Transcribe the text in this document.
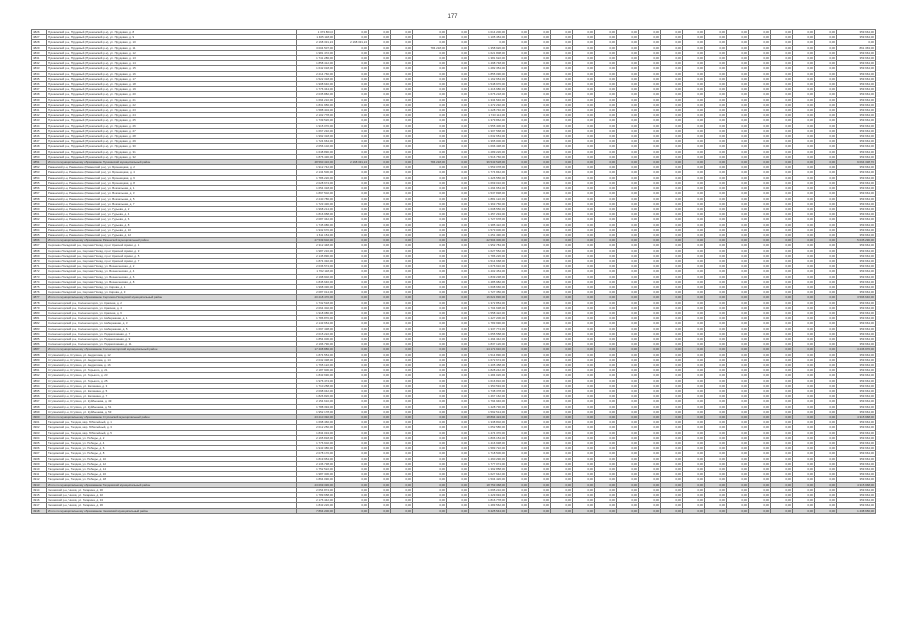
177
4826	Пушкинский р-н, Прудовый (Пушкинский р-н), ул. Прудовая, д. 8	1 373 864,0	0,00	0,00	0,00	0,00	0,00	1 014 200,00	0,00	0,00	0,00	0,00	0,00	0,00	0,00	0,00	0,00	0,00	0,00	0,00	0,00	0,00	0,00	359 664,00
4827	Пушкинский р-н, Прудовый (Пушкинский р-н), ул. Прудовая, д. 9	1 465 118,00	0,00	0,00	0,00	0,00	0,00	1 105 454,00	0,00	0,00	0,00	0,00	0,00	0,00	0,00	0,00	0,00	0,00	0,00	0,00	0,00	0,00	0,00	359 664,00
4828	Пушкинский р-н, Прудовый (Пушкинский р-н), ул. Прудовая, д. 10	2 168 331,24	2 168 331,24	0,00	0,00	0,00	0,00	0,00	0,00	0,00	0,00	0,00	0,00	0,00	0,00	0,00	0,00	0,00	0,00	0,00	0,00	0,00	0,00	0,00
4829	Пушкинский р-н, Прудовый (Пушкинский р-н), ул. Прудовая, д. 11	3 004 507,00	0,00	0,00	0,00	784 218,00	0,00	1 358 926,00	0,00	0,00	0,00	0,00	0,00	0,00	0,00	0,00	0,00	0,00	0,00	0,00	0,00	0,00	0,00	861 363,00
4830	Пушкинский р-н, Прудовый (Пушкинский р-н), ул. Прудовая, д. 12	1 981 472,00	0,00	0,00	0,00	0,00	0,00	1 621 808,00	0,00	0,00	0,00	0,00	0,00	0,00	0,00	0,00	0,00	0,00	0,00	0,00	0,00	0,00	0,00	359 664,00
4831	Пушкинский р-н, Прудовый (Пушкинский р-н), ул. Прудовая, д. 13	1 741 286,00	0,00	0,00	0,00	0,00	0,00	1 381 622,00	0,00	0,00	0,00	0,00	0,00	0,00	0,00	0,00	0,00	0,00	0,00	0,00	0,00	0,00	0,00	359 664,00
4832	Пушкинский р-н, Прудовый (Пушкинский р-н), ул. Прудовая, д. 14	1 858 412,00	0,00	0,00	0,00	0,00	0,00	1 498 748,00	0,00	0,00	0,00	0,00	0,00	0,00	0,00	0,00	0,00	0,00	0,00	0,00	0,00	0,00	0,00	359 664,00
4833	Пушкинский р-н, Прудовый (Пушкинский р-н), ул. Прудовая, д. 15	1 642 018,00	0,00	0,00	0,00	0,00	0,00	1 282 354,00	0,00	0,00	0,00	0,00	0,00	0,00	0,00	0,00	0,00	0,00	0,00	0,00	0,00	0,00	0,00	359 664,00
4834	Пушкинский р-н, Прудовый (Пушкинский р-н), ул. Прудовая, д. 16	2 214 760,00	0,00	0,00	0,00	0,00	0,00	1 855 096,00	0,00	0,00	0,00	0,00	0,00	0,00	0,00	0,00	0,00	0,00	0,00	0,00	0,00	0,00	0,00	359 664,00
4835	Пушкинский р-н, Прудовый (Пушкинский р-н), ул. Прудовая, д. 17	1 522 318,00	0,00	0,00	0,00	0,00	0,00	1 162 654,00	0,00	0,00	0,00	0,00	0,00	0,00	0,00	0,00	0,00	0,00	0,00	0,00	0,00	0,00	0,00	359 664,00
4836	Пушкинский р-н, Прудовый (Пушкинский р-н), ул. Прудовая, д. 18	1 908 640,00	0,00	0,00	0,00	0,00	0,00	1 548 976,00	0,00	0,00	0,00	0,00	0,00	0,00	0,00	0,00	0,00	0,00	0,00	0,00	0,00	0,00	0,00	359 664,00
4837	Пушкинский р-н, Прудовый (Пушкинский р-н), ул. Прудовая, д. 19	1 776 344,00	0,00	0,00	0,00	0,00	0,00	1 416 680,00	0,00	0,00	0,00	0,00	0,00	0,00	0,00	0,00	0,00	0,00	0,00	0,00	0,00	0,00	0,00	359 664,00
4838	Пушкинский р-н, Прудовый (Пушкинский р-н), ул. Прудовая, д. 20	2 035 882,00	0,00	0,00	0,00	0,00	0,00	1 676 218,00	0,00	0,00	0,00	0,00	0,00	0,00	0,00	0,00	0,00	0,00	0,00	0,00	0,00	0,00	0,00	359 664,00
4839	Пушкинский р-н, Прудовый (Пушкинский р-н), ул. Прудовая, д. 21	1 694 210,00	0,00	0,00	0,00	0,00	0,00	1 334 546,00	0,00	0,00	0,00	0,00	0,00	0,00	0,00	0,00	0,00	0,00	0,00	0,00	0,00	0,00	0,00	359 664,00
4840	Пушкинский р-н, Прудовый (Пушкинский р-н), ул. Прудовая, д. 22	1 831 956,00	0,00	0,00	0,00	0,00	0,00	1 472 292,00	0,00	0,00	0,00	0,00	0,00	0,00	0,00	0,00	0,00	0,00	0,00	0,00	0,00	0,00	0,00	359 664,00
4841	Пушкинский р-н, Прудовый (Пушкинский р-н), ул. Прудовая, д. 23	1 588 404,00	0,00	0,00	0,00	0,00	0,00	1 228 740,00	0,00	0,00	0,00	0,00	0,00	0,00	0,00	0,00	0,00	0,00	0,00	0,00	0,00	0,00	0,00	359 664,00
4842	Пушкинский р-н, Прудовый (Пушкинский р-н), ул. Прудовая, д. 24	2 102 778,00	0,00	0,00	0,00	0,00	0,00	1 743 114,00	0,00	0,00	0,00	0,00	0,00	0,00	0,00	0,00	0,00	0,00	0,00	0,00	0,00	0,00	0,00	359 664,00
4843	Пушкинский р-н, Прудовый (Пушкинский р-н), ул. Прудовая, д. 25	1 739 526,00	0,00	0,00	0,00	0,00	0,00	1 379 862,00	0,00	0,00	0,00	0,00	0,00	0,00	0,00	0,00	0,00	0,00	0,00	0,00	0,00	0,00	0,00	359 664,00
4844	Пушкинский р-н, Прудовый (Пушкинский р-н), ул. Прудовая, д. 26	1 915 070,00	0,00	0,00	0,00	0,00	0,00	1 555 406,00	0,00	0,00	0,00	0,00	0,00	0,00	0,00	0,00	0,00	0,00	0,00	0,00	0,00	0,00	0,00	359 664,00
4845	Пушкинский р-н, Прудовый (Пушкинский р-н), ул. Прудовая, д. 27	1 667 232,00	0,00	0,00	0,00	0,00	0,00	1 307 568,00	0,00	0,00	0,00	0,00	0,00	0,00	0,00	0,00	0,00	0,00	0,00	0,00	0,00	0,00	0,00	359 664,00
4846	Пушкинский р-н, Прудовый (Пушкинский р-н), ул. Прудовая, д. 28	1 992 318,00	0,00	0,00	0,00	0,00	0,00	1 632 654,00	0,00	0,00	0,00	0,00	0,00	0,00	0,00	0,00	0,00	0,00	0,00	0,00	0,00	0,00	0,00	359 664,00
4847	Пушкинский р-н, Прудовый (Пушкинский р-н), ул. Прудовая, д. 29	1 724 664,00	0,00	0,00	0,00	0,00	0,00	1 365 000,00	0,00	0,00	0,00	0,00	0,00	0,00	0,00	0,00	0,00	0,00	0,00	0,00	0,00	0,00	0,00	359 664,00
4848	Пушкинский р-н, Прудовый (Пушкинский р-н), ул. Прудовая, д. 30	2 056 102,00	0,00	0,00	0,00	0,00	0,00	1 696 438,00	0,00	0,00	0,00	0,00	0,00	0,00	0,00	0,00	0,00	0,00	0,00	0,00	0,00	0,00	0,00	359 664,00
4849	Пушкинский р-н, Прудовый (Пушкинский р-н), ул. Прудовая, д. 31	1 648 890,00	0,00	0,00	0,00	0,00	0,00	1 289 226,00	0,00	0,00	0,00	0,00	0,00	0,00	0,00	0,00	0,00	0,00	0,00	0,00	0,00	0,00	0,00	359 664,00
4850	Пушкинский р-н, Прудовый (Пушкинский р-н), ул. Прудовая, д. 32	1 876 430,00	0,00	0,00	0,00	0,00	0,00	1 516 766,00	0,00	0,00	0,00	0,00	0,00	0,00	0,00	0,00	0,00	0,00	0,00	0,00	0,00	0,00	0,00	359 664,00
4851	Итого по муниципальному образованию Пушкинский муниципальный район	48 560 416,00	2 168 331,24	0,00	0,00	784 218,00	0,00	36 543 528,00	0,00	0,00	0,00	0,00	0,00	0,00	0,00	0,00	0,00	0,00	0,00	0,00	0,00	0,00	0,00	9 064 338,76
4852	Раменский р-н, Раменское (Раменский р-н), ул. Бронницкая, д. 2	1 912 742,00	0,00	0,00	0,00	0,00	0,00	1 553 078,00	0,00	0,00	0,00	0,00	0,00	0,00	0,00	0,00	0,00	0,00	0,00	0,00	0,00	0,00	0,00	359 664,00
4853	Раменский р-н, Раменское (Раменский р-н), ул. Бронницкая, д. 4	2 134 506,00	0,00	0,00	0,00	0,00	0,00	1 774 842,00	0,00	0,00	0,00	0,00	0,00	0,00	0,00	0,00	0,00	0,00	0,00	0,00	0,00	0,00	0,00	359 664,00
4854	Раменский р-н, Раменское (Раменский р-н), ул. Бронницкая, д. 6	1 786 220,00	0,00	0,00	0,00	0,00	0,00	1 426 556,00	0,00	0,00	0,00	0,00	0,00	0,00	0,00	0,00	0,00	0,00	0,00	0,00	0,00	0,00	0,00	359 664,00
4855	Раменский р-н, Раменское (Раменский р-н), ул. Бронницкая, д. 8	2 028 674,00	0,00	0,00	0,00	0,00	0,00	1 669 010,00	0,00	0,00	0,00	0,00	0,00	0,00	0,00	0,00	0,00	0,00	0,00	0,00	0,00	0,00	0,00	359 664,00
4856	Раменский р-н, Раменское (Раменский р-н), ул. Вокзальная, д. 1	1 654 318,00	0,00	0,00	0,00	0,00	0,00	1 294 654,00	0,00	0,00	0,00	0,00	0,00	0,00	0,00	0,00	0,00	0,00	0,00	0,00	0,00	0,00	0,00	359 664,00
4857	Раменский р-н, Раменское (Раменский р-н), ул. Вокзальная, д. 3	1 897 502,00	0,00	0,00	0,00	0,00	0,00	1 537 838,00	0,00	0,00	0,00	0,00	0,00	0,00	0,00	0,00	0,00	0,00	0,00	0,00	0,00	0,00	0,00	359 664,00
4858	Раменский р-н, Раменское (Раменский р-н), ул. Вокзальная, д. 5	2 240 786,00	0,00	0,00	0,00	0,00	0,00	1 881 122,00	0,00	0,00	0,00	0,00	0,00	0,00	0,00	0,00	0,00	0,00	0,00	0,00	0,00	0,00	0,00	359 664,00
4859	Раменский р-н, Раменское (Раменский р-н), ул. Вокзальная, д. 7	1 723 430,00	0,00	0,00	0,00	0,00	0,00	1 363 766,00	0,00	0,00	0,00	0,00	0,00	0,00	0,00	0,00	0,00	0,00	0,00	0,00	0,00	0,00	0,00	359 664,00
4860	Раменский р-н, Раменское (Раменский р-н), ул. Гурьева, д. 2	1 968 214,00	0,00	0,00	0,00	0,00	0,00	1 608 550,00	0,00	0,00	0,00	0,00	0,00	0,00	0,00	0,00	0,00	0,00	0,00	0,00	0,00	0,00	0,00	359 664,00
4861	Раменский р-н, Раменское (Раменский р-н), ул. Гурьева, д. 4	1 816 958,00	0,00	0,00	0,00	0,00	0,00	1 457 294,00	0,00	0,00	0,00	0,00	0,00	0,00	0,00	0,00	0,00	0,00	0,00	0,00	0,00	0,00	0,00	359 664,00
4862	Раменский р-н, Раменское (Раменский р-н), ул. Гурьева, д. 6	2 087 342,00	0,00	0,00	0,00	0,00	0,00	1 727 678,00	0,00	0,00	0,00	0,00	0,00	0,00	0,00	0,00	0,00	0,00	0,00	0,00	0,00	0,00	0,00	359 664,00
4863	Раменский р-н, Раменское (Раменский р-н), ул. Гурьева, д. 8	1 745 086,00	0,00	0,00	0,00	0,00	0,00	1 385 422,00	0,00	0,00	0,00	0,00	0,00	0,00	0,00	0,00	0,00	0,00	0,00	0,00	0,00	0,00	0,00	359 664,00
4864	Раменский р-н, Раменское (Раменский р-н), ул. Гурьева, д. 10	1 932 670,00	0,00	0,00	0,00	0,00	0,00	1 573 006,00	0,00	0,00	0,00	0,00	0,00	0,00	0,00	0,00	0,00	0,00	0,00	0,00	0,00	0,00	0,00	359 664,00
4865	Раменский р-н, Раменское (Раменский р-н), ул. Гурьева, д. 12	1 611 154,00	0,00	0,00	0,00	0,00	0,00	1 251 490,00	0,00	0,00	0,00	0,00	0,00	0,00	0,00	0,00	0,00	0,00	0,00	0,00	0,00	0,00	0,00	359 664,00
4866	Итого по муниципальному образованию Раменский муниципальный район	27 539 602,00	0,00	0,00	0,00	0,00	0,00	22 504 306,00	0,00	0,00	0,00	0,00	0,00	0,00	0,00	0,00	0,00	0,00	0,00	0,00	0,00	0,00	0,00	5 035 296,00
4867	Сергиево-Посадский р-н, Сергиев Посад, пр-кт Красной Армии, д. 1	2 312 448,00	0,00	0,00	0,00	0,00	0,00	1 952 784,00	0,00	0,00	0,00	0,00	0,00	0,00	0,00	0,00	0,00	0,00	0,00	0,00	0,00	0,00	0,00	359 664,00
4868	Сергиево-Посадский р-н, Сергиев Посад, пр-кт Красной Армии, д. 3	1 987 216,00	0,00	0,00	0,00	0,00	0,00	1 627 552,00	0,00	0,00	0,00	0,00	0,00	0,00	0,00	0,00	0,00	0,00	0,00	0,00	0,00	0,00	0,00	359 664,00
4869	Сергиево-Посадский р-н, Сергиев Посад, пр-кт Красной Армии, д. 5	2 145 890,00	0,00	0,00	0,00	0,00	0,00	1 786 226,00	0,00	0,00	0,00	0,00	0,00	0,00	0,00	0,00	0,00	0,00	0,00	0,00	0,00	0,00	0,00	359 664,00
4870	Сергиево-Посадский р-н, Сергиев Посад, пр-кт Красной Армии, д. 7	1 874 332,00	0,00	0,00	0,00	0,00	0,00	1 514 668,00	0,00	0,00	0,00	0,00	0,00	0,00	0,00	0,00	0,00	0,00	0,00	0,00	0,00	0,00	0,00	359 664,00
4871	Сергиево-Посадский р-н, Сергиев Посад, ул. Вознесенская, д. 2	2 036 574,00	0,00	0,00	0,00	0,00	0,00	1 676 910,00	0,00	0,00	0,00	0,00	0,00	0,00	0,00	0,00	0,00	0,00	0,00	0,00	0,00	0,00	0,00	359 664,00
4872	Сергиево-Посадский р-н, Сергиев Посад, ул. Вознесенская, д. 4	1 762 118,00	0,00	0,00	0,00	0,00	0,00	1 402 454,00	0,00	0,00	0,00	0,00	0,00	0,00	0,00	0,00	0,00	0,00	0,00	0,00	0,00	0,00	0,00	359 664,00
4873	Сергиево-Посадский р-н, Сергиев Посад, ул. Вознесенская, д. 6	2 198 902,00	0,00	0,00	0,00	0,00	0,00	1 839 238,00	0,00	0,00	0,00	0,00	0,00	0,00	0,00	0,00	0,00	0,00	0,00	0,00	0,00	0,00	0,00	359 664,00
4874	Сергиево-Посадский р-н, Сергиев Посад, ул. Вознесенская, д. 8	1 845 646,00	0,00	0,00	0,00	0,00	0,00	1 485 982,00	0,00	0,00	0,00	0,00	0,00	0,00	0,00	0,00	0,00	0,00	0,00	0,00	0,00	0,00	0,00	359 664,00
4875	Сергиево-Посадский р-н, Сергиев Посад, ул. Кирова, д. 1	1 968 330,00	0,00	0,00	0,00	0,00	0,00	1 608 666,00	0,00	0,00	0,00	0,00	0,00	0,00	0,00	0,00	0,00	0,00	0,00	0,00	0,00	0,00	0,00	359 664,00
4876	Сергиево-Посадский р-н, Сергиев Посад, ул. Кирова, д. 3	2 087 014,00	0,00	0,00	0,00	0,00	0,00	1 727 350,00	0,00	0,00	0,00	0,00	0,00	0,00	0,00	0,00	0,00	0,00	0,00	0,00	0,00	0,00	0,00	359 664,00
4877	Итого по муниципальному образованию Сергиево-Посадский муниципальный район	20 218 470,00	0,00	0,00	0,00	0,00	0,00	16 621 830,00	0,00	0,00	0,00	0,00	0,00	0,00	0,00	0,00	0,00	0,00	0,00	0,00	0,00	0,00	0,00	3 596 640,00
4878	Солнечногорский р-н, Солнечногорск, ул. Красная, д. 2	1 732 518,00	0,00	0,00	0,00	0,00	0,00	1 372 854,00	0,00	0,00	0,00	0,00	0,00	0,00	0,00	0,00	0,00	0,00	0,00	0,00	0,00	0,00	0,00	359 664,00
4879	Солнечногорский р-н, Солнечногорск, ул. Красная, д. 4	2 064 302,00	0,00	0,00	0,00	0,00	0,00	1 704 638,00	0,00	0,00	0,00	0,00	0,00	0,00	0,00	0,00	0,00	0,00	0,00	0,00	0,00	0,00	0,00	359 664,00
4880	Солнечногорский р-н, Солнечногорск, ул. Красная, д. 6	1 918 086,00	0,00	0,00	0,00	0,00	0,00	1 558 422,00	0,00	0,00	0,00	0,00	0,00	0,00	0,00	0,00	0,00	0,00	0,00	0,00	0,00	0,00	0,00	359 664,00
4881	Солнечногорский р-н, Солнечногорск, ул. Набережная, д. 1	1 786 870,00	0,00	0,00	0,00	0,00	0,00	1 427 206,00	0,00	0,00	0,00	0,00	0,00	0,00	0,00	0,00	0,00	0,00	0,00	0,00	0,00	0,00	0,00	359 664,00
4882	Солнечногорский р-н, Солнечногорск, ул. Набережная, д. 3	2 143 654,00	0,00	0,00	0,00	0,00	0,00	1 783 990,00	0,00	0,00	0,00	0,00	0,00	0,00	0,00	0,00	0,00	0,00	0,00	0,00	0,00	0,00	0,00	359 664,00
4883	Солнечногорский р-н, Солнечногорск, ул. Набережная, д. 5	1 697 438,00	0,00	0,00	0,00	0,00	0,00	1 337 774,00	0,00	0,00	0,00	0,00	0,00	0,00	0,00	0,00	0,00	0,00	0,00	0,00	0,00	0,00	0,00	359 664,00
4884	Солнечногорский р-н, Солнечногорск, ул. Подмосковная, д. 7	2 015 222,00	0,00	0,00	0,00	0,00	0,00	1 655 558,00	0,00	0,00	0,00	0,00	0,00	0,00	0,00	0,00	0,00	0,00	0,00	0,00	0,00	0,00	0,00	359 664,00
4885	Солнечногорский р-н, Солнечногорск, ул. Подмосковная, д. 9	1 854 006,00	0,00	0,00	0,00	0,00	0,00	1 494 342,00	0,00	0,00	0,00	0,00	0,00	0,00	0,00	0,00	0,00	0,00	0,00	0,00	0,00	0,00	0,00	359 664,00
4886	Солнечногорский р-н, Солнечногорск, ул. Подмосковная, д. 11	2 196 790,00	0,00	0,00	0,00	0,00	0,00	1 837 126,00	0,00	0,00	0,00	0,00	0,00	0,00	0,00	0,00	0,00	0,00	0,00	0,00	0,00	0,00	0,00	359 664,00
4887	Итого по муниципальному образованию Солнечногорский муниципальный район	17 408 886,00	0,00	0,00	0,00	0,00	0,00	14 171 910,00	0,00	0,00	0,00	0,00	0,00	0,00	0,00	0,00	0,00	0,00	0,00	0,00	0,00	0,00	0,00	3 236 976,00
4888	Ступинский р-н, Ступино, ул. Андропова, д. 12	1 874 554,00	0,00	0,00	0,00	0,00	0,00	1 514 890,00	0,00	0,00	0,00	0,00	0,00	0,00	0,00	0,00	0,00	0,00	0,00	0,00	0,00	0,00	0,00	359 664,00
4889	Ступинский р-н, Ступино, ул. Андропова, д. 14	2 032 338,00	0,00	0,00	0,00	0,00	0,00	1 672 674,00	0,00	0,00	0,00	0,00	0,00	0,00	0,00	0,00	0,00	0,00	0,00	0,00	0,00	0,00	0,00	359 664,00
4890	Ступинский р-н, Ступино, ул. Андропова, д. 16	1 765 122,00	0,00	0,00	0,00	0,00	0,00	1 405 458,00	0,00	0,00	0,00	0,00	0,00	0,00	0,00	0,00	0,00	0,00	0,00	0,00	0,00	0,00	0,00	359 664,00
4891	Ступинский р-н, Ступино, ул. Горького, д. 21	2 187 906,00	0,00	0,00	0,00	0,00	0,00	1 828 242,00	0,00	0,00	0,00	0,00	0,00	0,00	0,00	0,00	0,00	0,00	0,00	0,00	0,00	0,00	0,00	359 664,00
4892	Ступинский р-н, Ступино, ул. Горького, д. 23	1 843 690,00	0,00	0,00	0,00	0,00	0,00	1 484 026,00	0,00	0,00	0,00	0,00	0,00	0,00	0,00	0,00	0,00	0,00	0,00	0,00	0,00	0,00	0,00	359 664,00
4893	Ступинский р-н, Ступино, ул. Горького, д. 25	1 976 474,00	0,00	0,00	0,00	0,00	0,00	1 616 810,00	0,00	0,00	0,00	0,00	0,00	0,00	0,00	0,00	0,00	0,00	0,00	0,00	0,00	0,00	0,00	359 664,00
4894	Ступинский р-н, Ступино, ул. Калинина, д. 3	1 710 258,00	0,00	0,00	0,00	0,00	0,00	1 350 594,00	0,00	0,00	0,00	0,00	0,00	0,00	0,00	0,00	0,00	0,00	0,00	0,00	0,00	0,00	0,00	359 664,00
4895	Ступинский р-н, Ступино, ул. Калинина, д. 5	2 098 042,00	0,00	0,00	0,00	0,00	0,00	1 738 378,00	0,00	0,00	0,00	0,00	0,00	0,00	0,00	0,00	0,00	0,00	0,00	0,00	0,00	0,00	0,00	359 664,00
4896	Ступинский р-н, Ступино, ул. Калинина, д. 7	1 826 826,00	0,00	0,00	0,00	0,00	0,00	1 467 162,00	0,00	0,00	0,00	0,00	0,00	0,00	0,00	0,00	0,00	0,00	0,00	0,00	0,00	0,00	0,00	359 664,00
4897	Ступинский р-н, Ступино, ул. Куйбышева, д. 49	2 154 610,00	0,00	0,00	0,00	0,00	0,00	1 794 946,00	0,00	0,00	0,00	0,00	0,00	0,00	0,00	0,00	0,00	0,00	0,00	0,00	0,00	0,00	0,00	359 664,00
4898	Ступинский р-н, Ступино, ул. Куйбышева, д. 51	1 788 394,00	0,00	0,00	0,00	0,00	0,00	1 428 730,00	0,00	0,00	0,00	0,00	0,00	0,00	0,00	0,00	0,00	0,00	0,00	0,00	0,00	0,00	0,00	359 664,00
4899	Ступинский р-н, Ступино, ул. Куйбышева, д. 53	1 952 178,00	0,00	0,00	0,00	0,00	0,00	1 592 514,00	0,00	0,00	0,00	0,00	0,00	0,00	0,00	0,00	0,00	0,00	0,00	0,00	0,00	0,00	0,00	359 664,00
4900	Итого по муниципальному образованию Ступинский муниципальный район	23 210 392,00	0,00	0,00	0,00	0,00	0,00	18 894 424,00	0,00	0,00	0,00	0,00	0,00	0,00	0,00	0,00	0,00	0,00	0,00	0,00	0,00	0,00	0,00	4 315 968,00
4901	Талдомский р-н, Талдом, мкр. Юбилейный, д. 1	1 698 466,00	0,00	0,00	0,00	0,00	0,00	1 338 802,00	0,00	0,00	0,00	0,00	0,00	0,00	0,00	0,00	0,00	0,00	0,00	0,00	0,00	0,00	0,00	359 664,00
4902	Талдомский р-н, Талдом, мкр. Юбилейный, д. 3	2 012 250,00	0,00	0,00	0,00	0,00	0,00	1 652 586,00	0,00	0,00	0,00	0,00	0,00	0,00	0,00	0,00	0,00	0,00	0,00	0,00	0,00	0,00	0,00	359 664,00
4903	Талдомский р-н, Талдом, мкр. Юбилейный, д. 5	1 834 034,00	0,00	0,00	0,00	0,00	0,00	1 474 370,00	0,00	0,00	0,00	0,00	0,00	0,00	0,00	0,00	0,00	0,00	0,00	0,00	0,00	0,00	0,00	359 664,00
4904	Талдомский р-н, Талдом, ул. Победы, д. 2	2 165 818,00	0,00	0,00	0,00	0,00	0,00	1 806 154,00	0,00	0,00	0,00	0,00	0,00	0,00	0,00	0,00	0,00	0,00	0,00	0,00	0,00	0,00	0,00	359 664,00
4905	Талдомский р-н, Талдом, ул. Победы, д. 4	1 776 602,00	0,00	0,00	0,00	0,00	0,00	1 416 938,00	0,00	0,00	0,00	0,00	0,00	0,00	0,00	0,00	0,00	0,00	0,00	0,00	0,00	0,00	0,00	359 664,00
4906	Талдомский р-н, Талдом, ул. Победы, д. 6	1 943 386,00	0,00	0,00	0,00	0,00	0,00	1 583 722,00	0,00	0,00	0,00	0,00	0,00	0,00	0,00	0,00	0,00	0,00	0,00	0,00	0,00	0,00	0,00	359 664,00
4907	Талдомский р-н, Талдом, ул. Победы, д. 8	2 078 170,00	0,00	0,00	0,00	0,00	0,00	1 718 506,00	0,00	0,00	0,00	0,00	0,00	0,00	0,00	0,00	0,00	0,00	0,00	0,00	0,00	0,00	0,00	359 664,00
4908	Талдомский р-н, Талдом, ул. Победы, д. 10	1 819 954,00	0,00	0,00	0,00	0,00	0,00	1 460 290,00	0,00	0,00	0,00	0,00	0,00	0,00	0,00	0,00	0,00	0,00	0,00	0,00	0,00	0,00	0,00	359 664,00
4909	Талдомский р-н, Талдом, ул. Победы, д. 12	2 136 738,00	0,00	0,00	0,00	0,00	0,00	1 777 074,00	0,00	0,00	0,00	0,00	0,00	0,00	0,00	0,00	0,00	0,00	0,00	0,00	0,00	0,00	0,00	359 664,00
4910	Талдомский р-н, Талдом, ул. Победы, д. 14	1 752 522,00	0,00	0,00	0,00	0,00	0,00	1 392 858,00	0,00	0,00	0,00	0,00	0,00	0,00	0,00	0,00	0,00	0,00	0,00	0,00	0,00	0,00	0,00	359 664,00
4911	Талдомский р-н, Талдом, ул. Победы, д. 16	1 987 306,00	0,00	0,00	0,00	0,00	0,00	1 627 642,00	0,00	0,00	0,00	0,00	0,00	0,00	0,00	0,00	0,00	0,00	0,00	0,00	0,00	0,00	0,00	359 664,00
4912	Талдомский р-н, Талдом, ул. Победы, д. 18	1 864 090,00	0,00	0,00	0,00	0,00	0,00	1 504 426,00	0,00	0,00	0,00	0,00	0,00	0,00	0,00	0,00	0,00	0,00	0,00	0,00	0,00	0,00	0,00	359 664,00
4913	Итого по муниципальному образованию Талдомский муниципальный район	23 069 336,00	0,00	0,00	0,00	0,00	0,00	18 753 368,00	0,00	0,00	0,00	0,00	0,00	0,00	0,00	0,00	0,00	0,00	0,00	0,00	0,00	0,00	0,00	4 315 968,00
4914	Чеховский р-н, Чехов, ул. Гагарина, д. 30	2 054 874,00	0,00	0,00	0,00	0,00	0,00	1 695 210,00	0,00	0,00	0,00	0,00	0,00	0,00	0,00	0,00	0,00	0,00	0,00	0,00	0,00	0,00	0,00	359 664,00
4915	Чеховский р-н, Чехов, ул. Гагарина, д. 32	1 789 658,00	0,00	0,00	0,00	0,00	0,00	1 429 994,00	0,00	0,00	0,00	0,00	0,00	0,00	0,00	0,00	0,00	0,00	0,00	0,00	0,00	0,00	0,00	359 664,00
4916	Чеховский р-н, Чехов, ул. Гагарина, д. 34	2 176 442,00	0,00	0,00	0,00	0,00	0,00	1 816 778,00	0,00	0,00	0,00	0,00	0,00	0,00	0,00	0,00	0,00	0,00	0,00	0,00	0,00	0,00	0,00	359 664,00
4917	Чеховский р-н, Чехов, ул. Гагарина, д. 36	1 843 226,00	0,00	0,00	0,00	0,00	0,00	1 483 562,00	0,00	0,00	0,00	0,00	0,00	0,00	0,00	0,00	0,00	0,00	0,00	0,00	0,00	0,00	0,00	359 664,00
4918	Итого по муниципальному образованию Чеховский муниципальный район	7 864 200,00	0,00	0,00	0,00	0,00	0,00	6 425 544,00	0,00	0,00	0,00	0,00	0,00	0,00	0,00	0,00	0,00	0,00	0,00	0,00	0,00	0,00	0,00	1 438 656,00
